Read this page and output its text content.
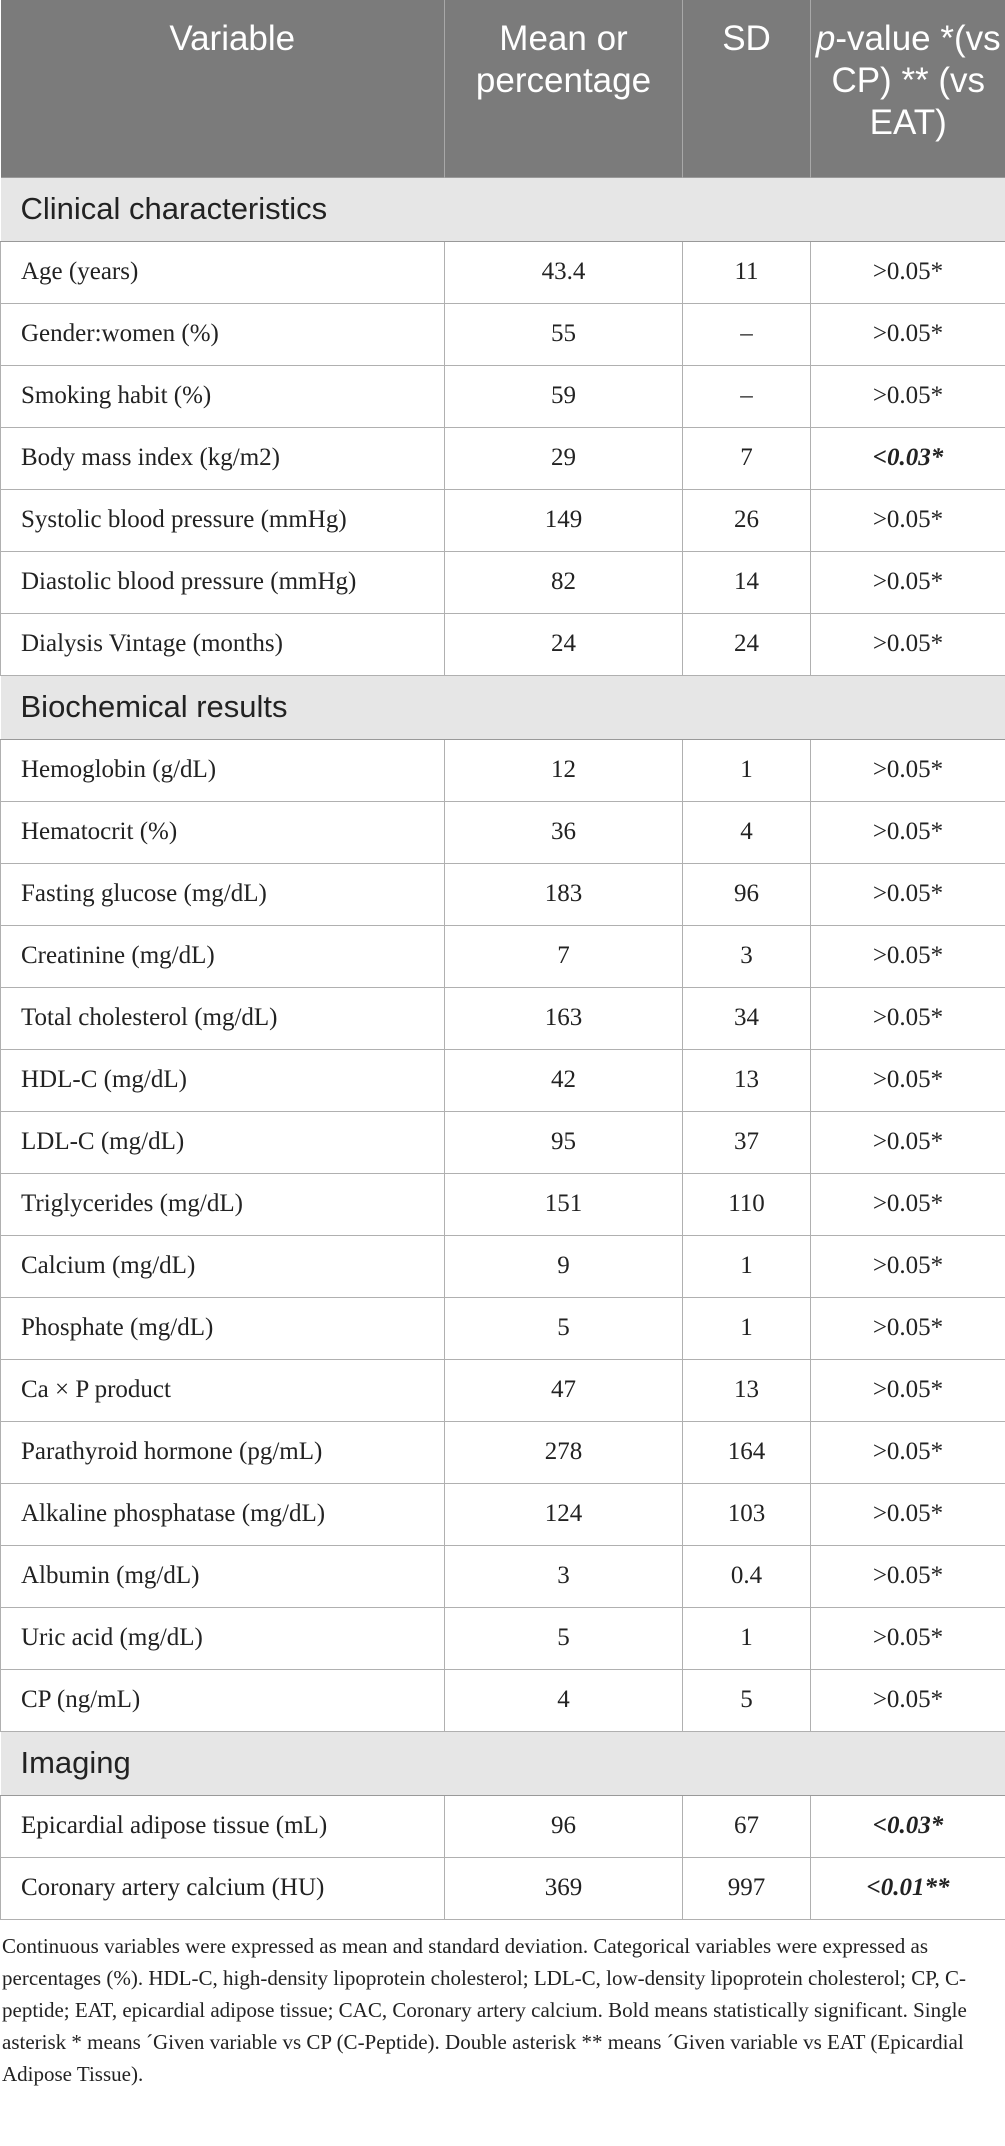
Variable	Mean or percentage	SD	p-value *(vs CP) ** (vs EAT)
Clinical characteristics			
Age (years)	43.4	11	>0.05*
Gender:women (%)	55	–	>0.05*
Smoking habit (%)	59	–	>0.05*
Body mass index (kg/m2)	29	7	<0.03*
Systolic blood pressure (mmHg)	149	26	>0.05*
Diastolic blood pressure (mmHg)	82	14	>0.05*
Dialysis Vintage (months)	24	24	>0.05*
Biochemical results			
Hemoglobin (g/dL)	12	1	>0.05*
Hematocrit (%)	36	4	>0.05*
Fasting glucose (mg/dL)	183	96	>0.05*
Creatinine (mg/dL)	7	3	>0.05*
Total cholesterol (mg/dL)	163	34	>0.05*
HDL-C (mg/dL)	42	13	>0.05*
LDL-C (mg/dL)	95	37	>0.05*
Triglycerides (mg/dL)	151	110	>0.05*
Calcium (mg/dL)	9	1	>0.05*
Phosphate (mg/dL)	5	1	>0.05*
Ca × P product	47	13	>0.05*
Parathyroid hormone (pg/mL)	278	164	>0.05*
Alkaline phosphatase (mg/dL)	124	103	>0.05*
Albumin (mg/dL)	3	0.4	>0.05*
Uric acid (mg/dL)	5	1	>0.05*
CP (ng/mL)	4	5	>0.05*
Imaging			
Epicardial adipose tissue (mL)	96	67	<0.03*
Coronary artery calcium (HU)	369	997	<0.01**
Continuous variables were expressed as mean and standard deviation. Categorical variables were expressed as percentages (%). HDL-C, high-density lipoprotein cholesterol; LDL-C, low-density lipoprotein cholesterol; CP, C-peptide; EAT, epicardial adipose tissue; CAC, Coronary artery calcium. Bold means statistically significant. Single asterisk * means ´Given variable vs CP (C-Peptide). Double asterisk ** means ´Given variable vs EAT (Epicardial Adipose Tissue).
